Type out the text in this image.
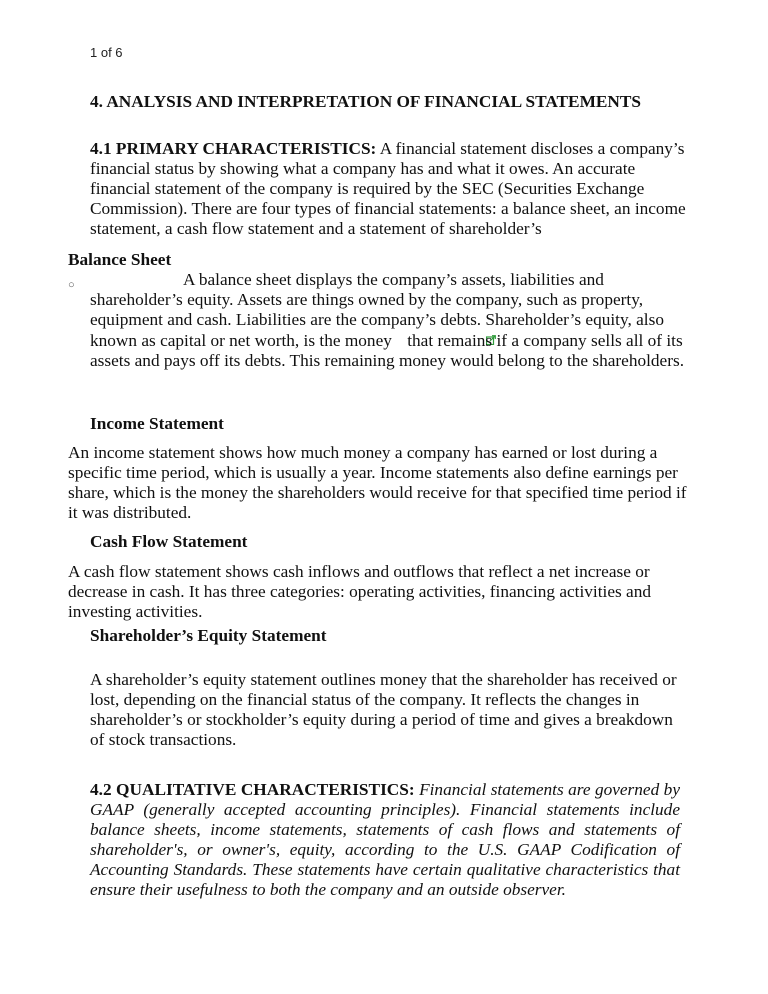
1 of 6
4. ANALYSIS AND INTERPRETATION OF FINANCIAL STATEMENTS

4.1 PRIMARY CHARACTERISTICS: A financial statement discloses a company’s financial status by showing what a company has and what it owes. An accurate financial statement of the company is required by the SEC (Securities Exchange Commission). There are four types of financial statements: a balance sheet, an income statement, a cash flow statement and a statement of shareholder’s

Balance Sheet
○	A balance sheet displays the company’s assets, liabilities and shareholder’s equity. Assets are things owned by the company, such as property, equipment and cash. Liabilities are the company’s debts. Shareholder’s equity, also known as capital or net worth, is the money that remains if a company sells all of its assets and pays off its debts. This remaining money would belong to the shareholders.

Income Statement

An income statement shows how much money a company has earned or lost during a specific time period, which is usually a year. Income statements also define earnings per share, which is the money the shareholders would receive for that specified time period if it was distributed.

Cash Flow Statement

A cash flow statement shows cash inflows and outflows that reflect a net increase or decrease in cash. It has three categories: operating activities, financing activities and investing activities.

Shareholder’s Equity Statement

A shareholder’s equity statement outlines money that the shareholder has received or lost, depending on the financial status of the company. It reflects the changes in shareholder’s or stockholder’s equity during a period of time and gives a breakdown of stock transactions.

4.2 QUALITATIVE CHARACTERISTICS: Financial statements are governed by GAAP (generally accepted accounting principles). Financial statements include balance sheets, income statements, statements of cash flows and statements of shareholder's, or owner's, equity, according to the U.S. GAAP Codification of Accounting Standards. These statements have certain qualitative characteristics that ensure their usefulness to both the company and an outside observer.
